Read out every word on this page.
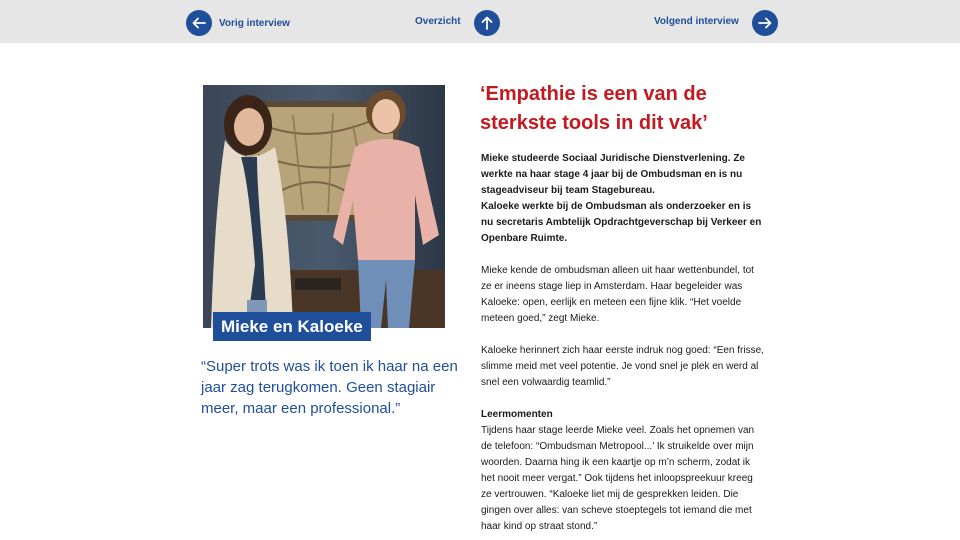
Vorig interview	Overzicht	Volgend interview
Mieke en Kaloeke
“Super trots was ik toen ik haar na een jaar zag terugkomen. Geen stagiair meer, maar een professional.”
‘Empathie is een van de sterkste tools in dit vak’

Mieke studeerde Sociaal Juridische Dienstverlening. Ze werkte na haar stage 4 jaar bij de Ombudsman en is nu stageadviseur bij team Stagebureau.

Kaloeke werkte bij de Ombudsman als onderzoeker en is nu secretaris Ambtelijk Opdrachtgeverschap bij Verkeer en Openbare Ruimte.

Mieke kende de ombudsman alleen uit haar wettenbundel, tot ze er ineens stage liep in Amsterdam. Haar begeleider was Kaloeke: open, eerlijk en meteen een fijne klik. “Het voelde meteen goed,” zegt Mieke.

Kaloeke herinnert zich haar eerste indruk nog goed: “Een frisse, slimme meid met veel potentie. Je vond snel je plek en werd al snel een volwaardig teamlid.”

Leermomenten

Tijdens haar stage leerde Mieke veel. Zoals het opnemen van de telefoon: “Ombudsman Metropool...’ Ik struikelde over mijn woorden. Daarna hing ik een kaartje op m’n scherm, zodat ik het nooit meer vergat.” Ook tijdens het inloopspreekuur kreeg ze vertrouwen. “Kaloeke liet mij de gesprekken leiden. Die gingen over alles: van scheve stoeptegels tot iemand die met haar kind op straat stond.”
